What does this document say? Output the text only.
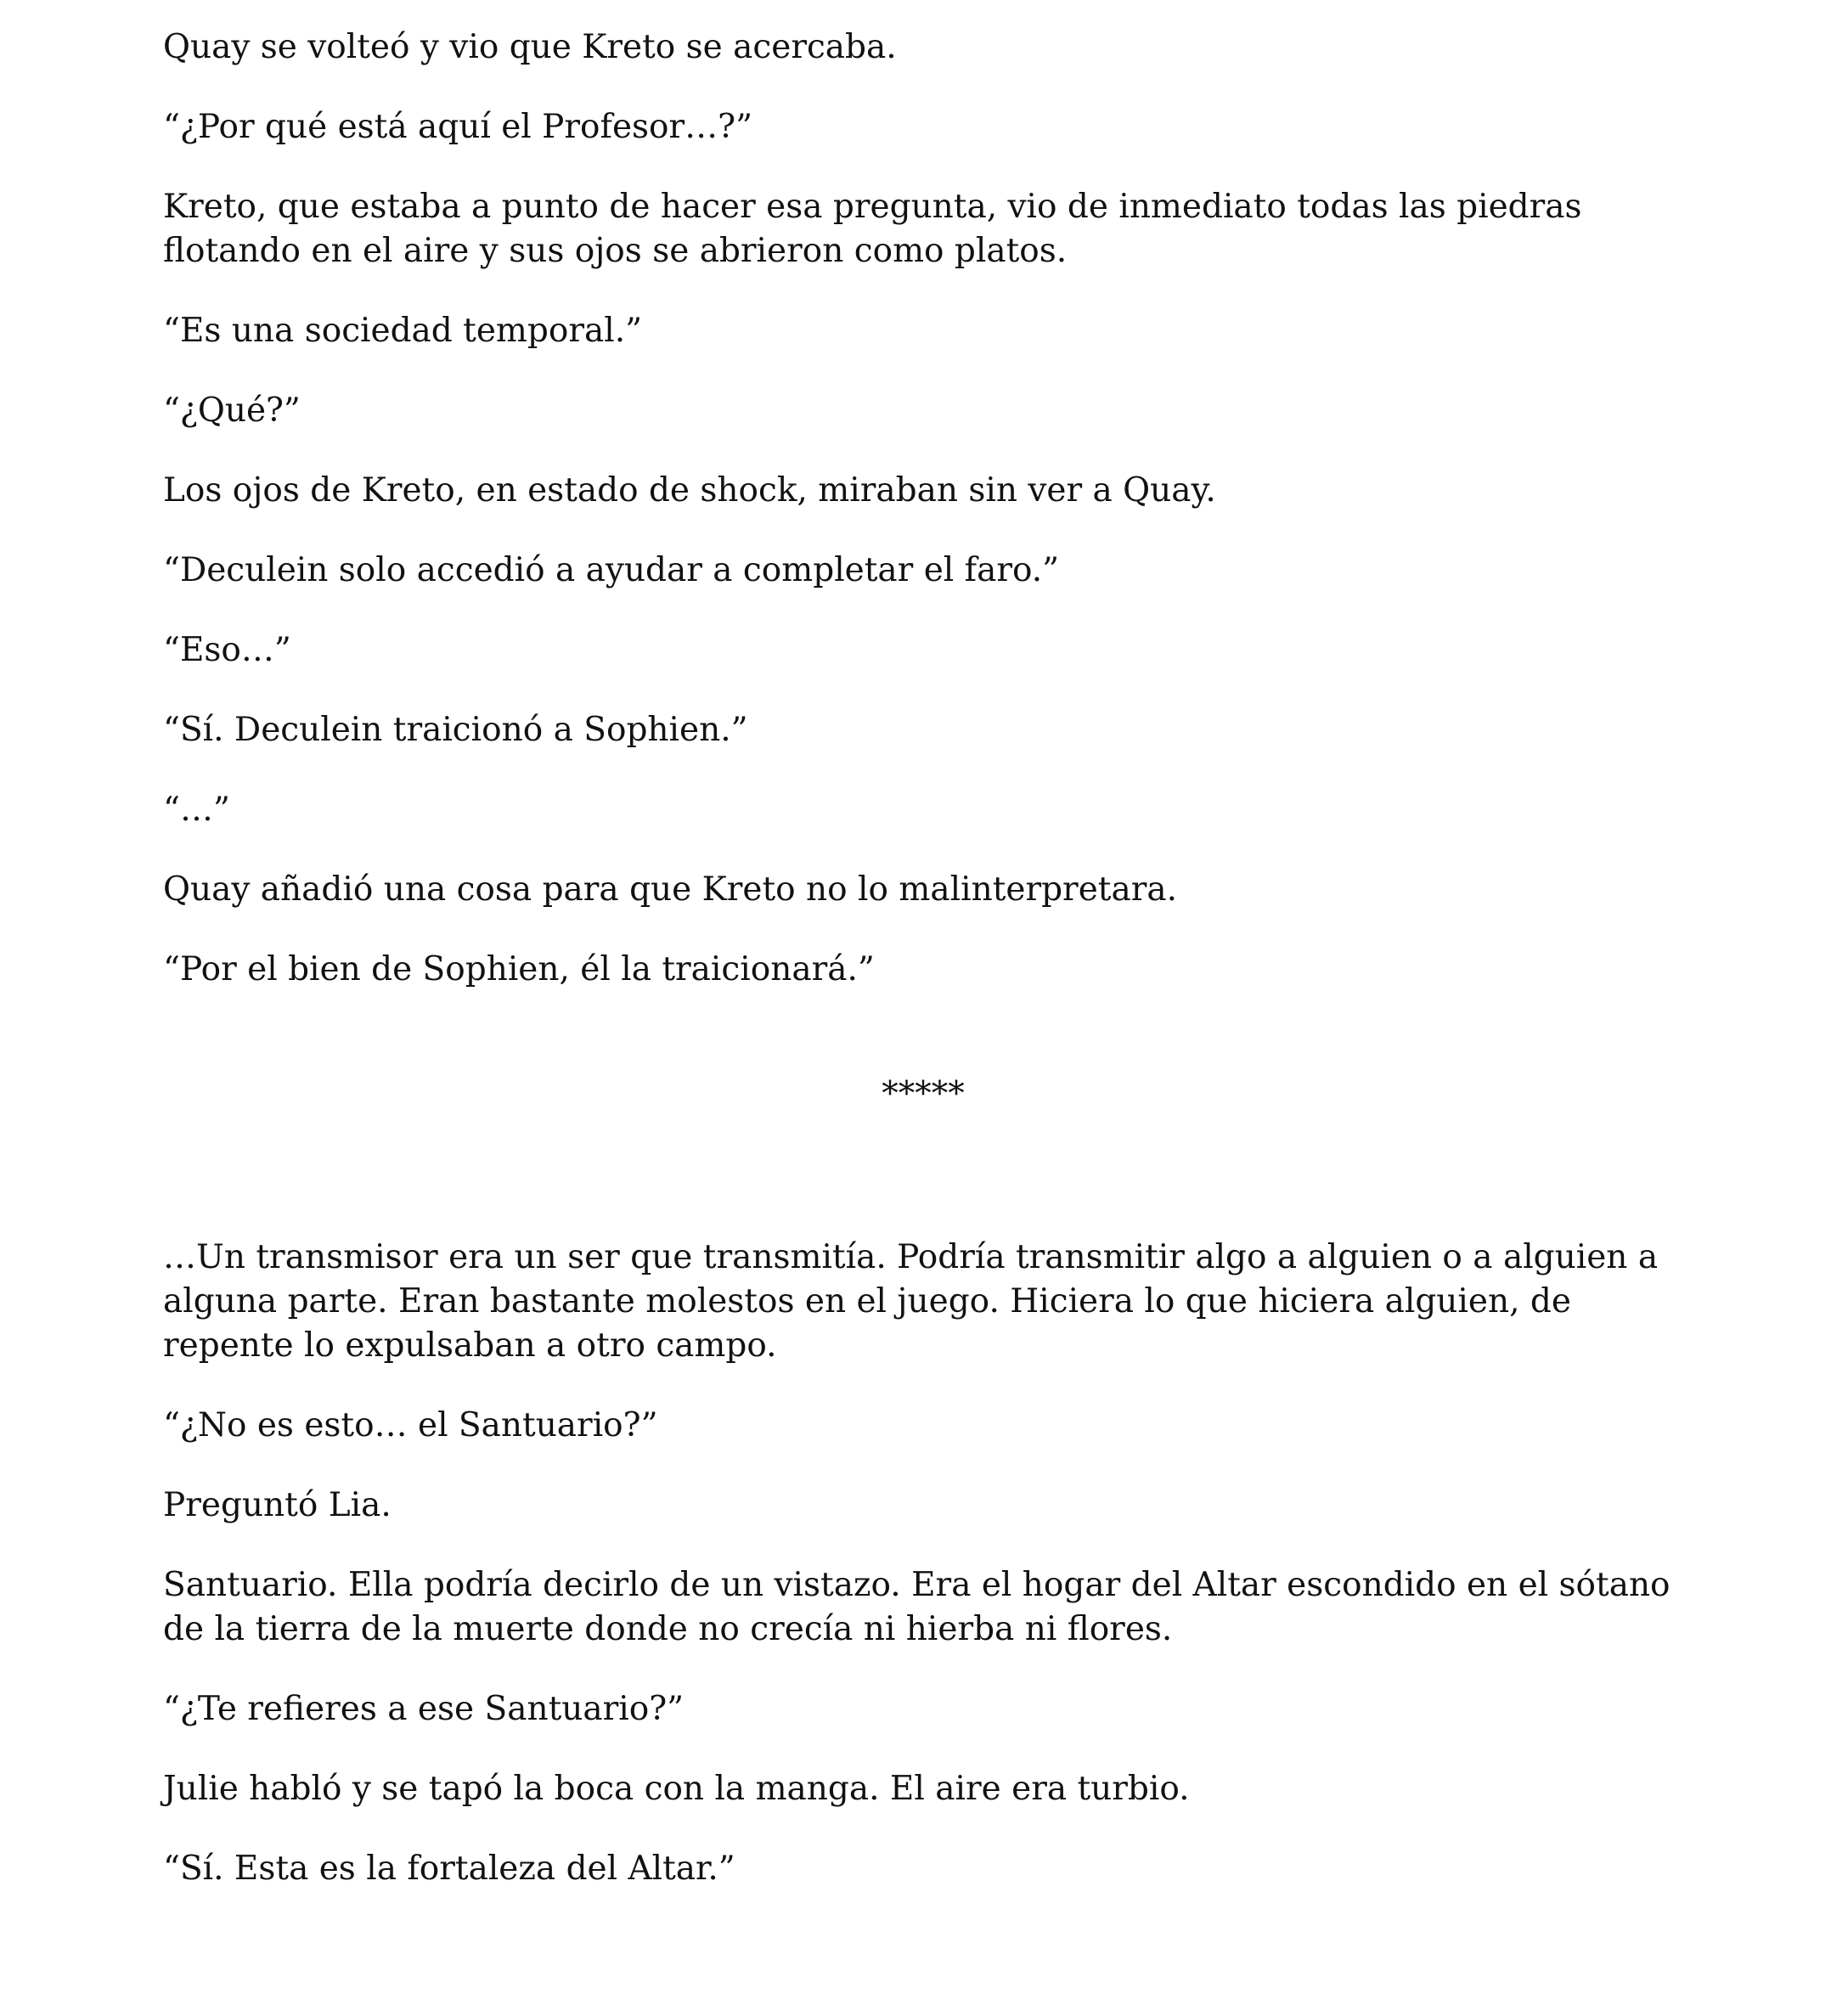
Quay se volteó y vio que Kreto se acercaba.

“¿Por qué está aquí el Profesor…?”

Kreto, que estaba a punto de hacer esa pregunta, vio de inmediato todas las piedras flotando en el aire y sus ojos se abrieron como platos.

“Es una sociedad temporal.”

“¿Qué?”

Los ojos de Kreto, en estado de shock, miraban sin ver a Quay.

“Deculein solo accedió a ayudar a completar el faro.”

“Eso…”

“Sí. Deculein traicionó a Sophien.”

“…”

Quay añadió una cosa para que Kreto no lo malinterpretara.

“Por el bien de Sophien, él la traicionará.”

*****

…Un transmisor era un ser que transmitía. Podría transmitir algo a alguien o a alguien a alguna parte. Eran bastante molestos en el juego. Hiciera lo que hiciera alguien, de repente lo expulsaban a otro campo.

“¿No es esto… el Santuario?”

Preguntó Lia.

Santuario. Ella podría decirlo de un vistazo. Era el hogar del Altar escondido en el sótano de la tierra de la muerte donde no crecía ni hierba ni flores.

“¿Te refieres a ese Santuario?”

Julie habló y se tapó la boca con la manga. El aire era turbio.

“Sí. Esta es la fortaleza del Altar.”
